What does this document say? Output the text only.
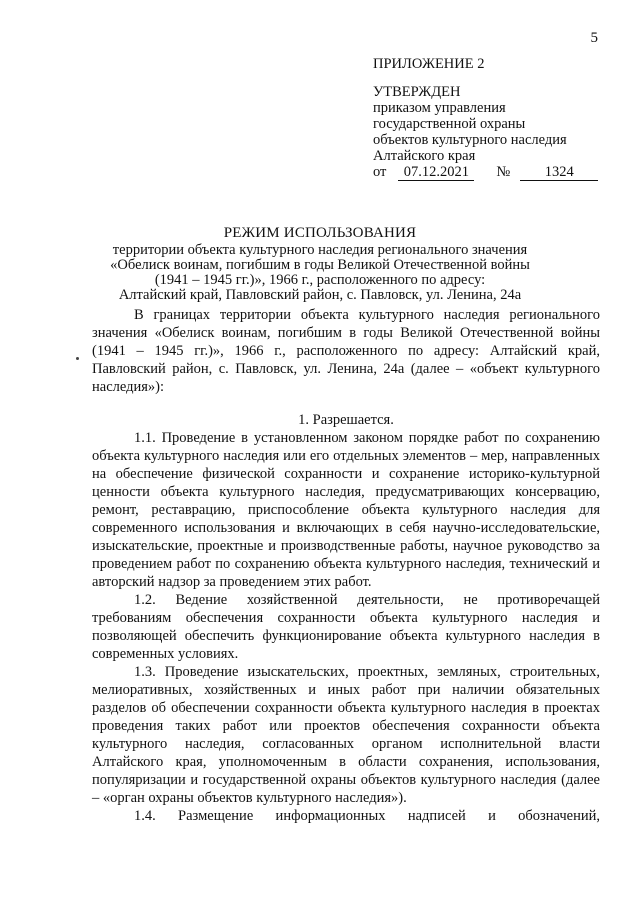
5
ПРИЛОЖЕНИЕ 2
УТВЕРЖДЕН
приказом управления
государственной охраны
объектов культурного наследия
Алтайского края
от 07.12.2021 № 1324
РЕЖИМ ИСПОЛЬЗОВАНИЯ
территории объекта культурного наследия регионального значения
«Обелиск воинам, погибшим в годы Великой Отечественной войны
(1941 – 1945 гг.)», 1966 г., расположенного по адресу:
Алтайский край, Павловский район, с. Павловск, ул. Ленина, 24а

В границах территории объекта культурного наследия регионального значения «Обелиск воинам, погибшим в годы Великой Отечественной войны (1941 – 1945 гг.)», 1966 г., расположенного по адресу: Алтайский край, Павловский район, с. Павловск, ул. Ленина, 24а (далее – «объект культурного наследия»):

1. Разрешается.

1.1. Проведение в установленном законом порядке работ по сохранению объекта культурного наследия или его отдельных элементов – мер, направленных на обеспечение физической сохранности и сохранение историко-культурной ценности объекта культурного наследия, предусматривающих консервацию, ремонт, реставрацию, приспособление объекта культурного наследия для современного использования и включающих в себя научно-исследовательские, изыскательские, проектные и производственные работы, научное руководство за проведением работ по сохранению объекта культурного наследия, технический и авторский надзор за проведением этих работ.

1.2. Ведение хозяйственной деятельности, не противоречащей требованиям обеспечения сохранности объекта культурного наследия и позволяющей обеспечить функционирование объекта культурного наследия в современных условиях.

1.3. Проведение изыскательских, проектных, земляных, строительных, мелиоративных, хозяйственных и иных работ при наличии обязательных разделов об обеспечении сохранности объекта культурного наследия в проектах проведения таких работ или проектов обеспечения сохранности объекта культурного наследия, согласованных органом исполнительной власти Алтайского края, уполномоченным в области сохранения, использования, популяризации и государственной охраны объектов культурного наследия (далее – «орган охраны объектов культурного наследия»).

1.4. Размещение информационных надписей и обозначений,
